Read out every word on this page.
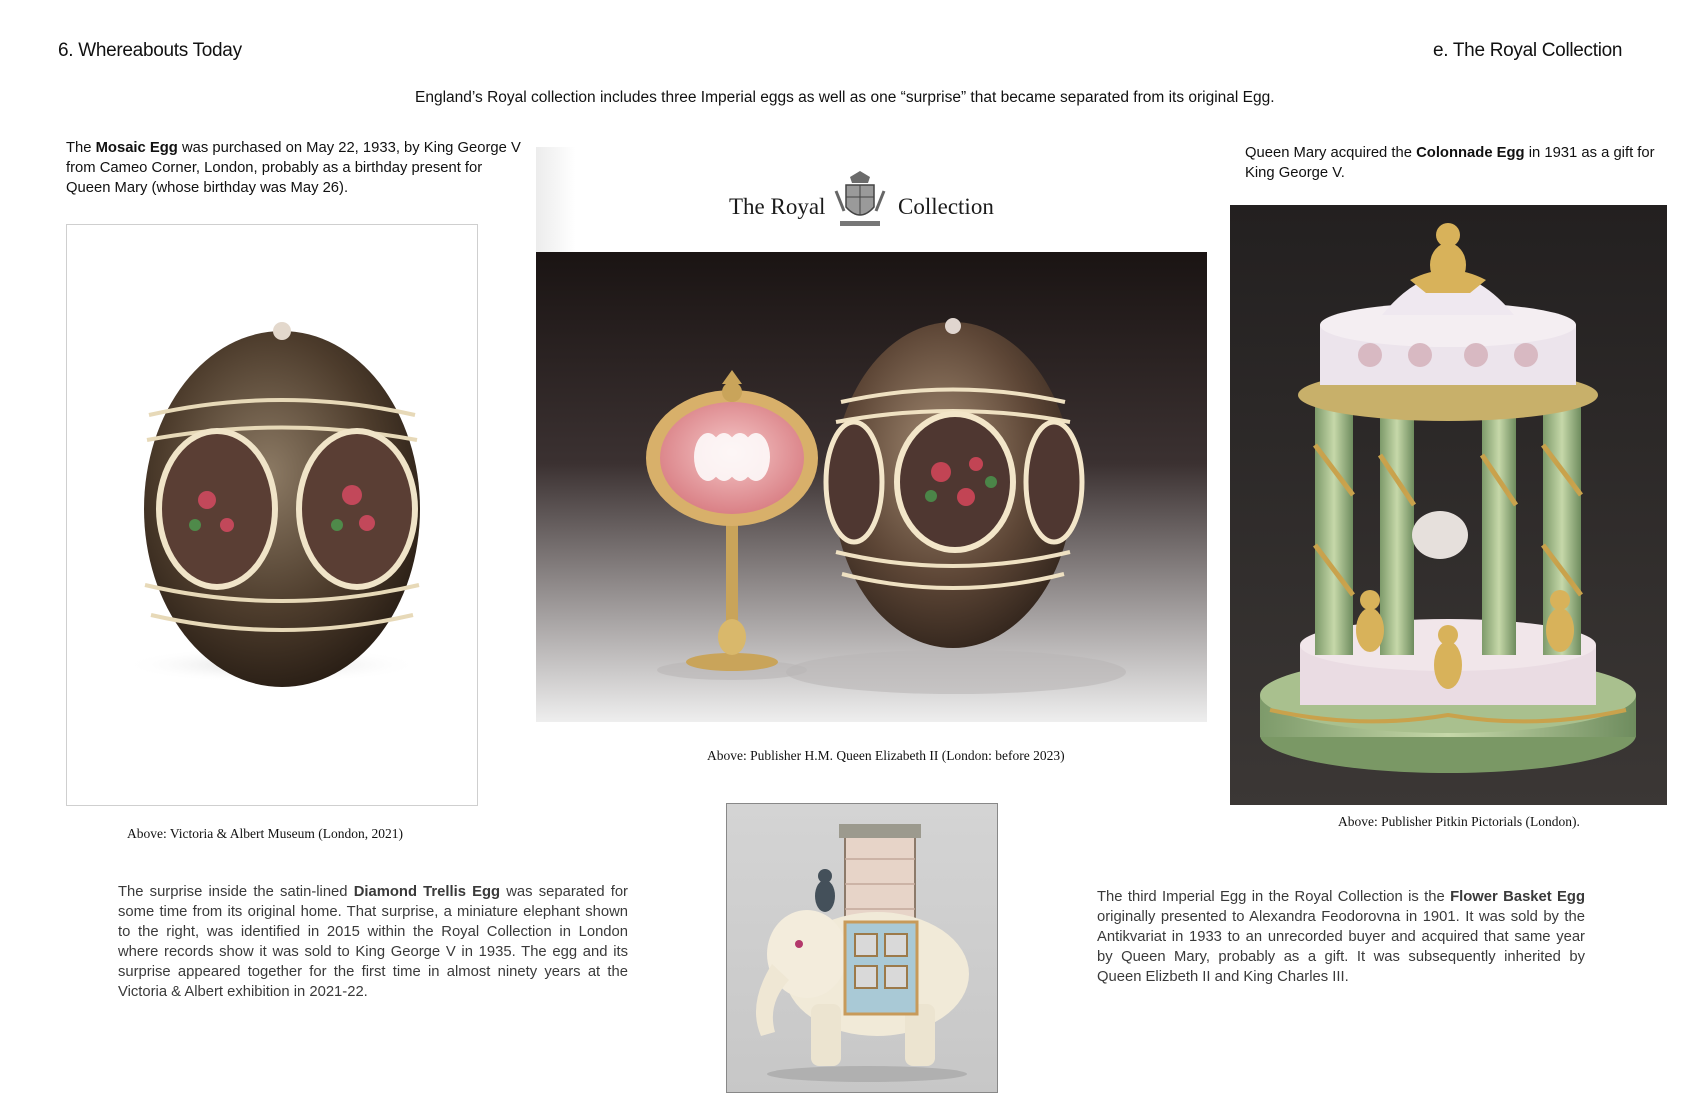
6. Whereabouts Today	e. The Royal Collection
England’s Royal collection includes three Imperial eggs as well as one “surprise” that became separated from its original Egg.
The Mosaic Egg was purchased on May 22, 1933, by King George V from Cameo Corner, London, probably as a birthday present for Queen Mary (whose birthday was May 26).
Above: Victoria & Albert Museum (London, 2021)
The Royal	Collection
Above: Publisher H.M. Queen Elizabeth II (London: before 2023)
Queen Mary acquired the Colonnade Egg in 1931 as a gift for King George V.
Above: Publisher Pitkin Pictorials (London).
The surprise inside the satin-lined Diamond Trellis Egg was separated for some time from its original home. That surprise, a miniature elephant shown to the right, was identified in 2015 within the Royal Collection in London where records show it was sold to King George V in 1935. The egg and its surprise appeared together for the first time in almost ninety years at the Victoria & Albert exhibition in 2021-22.
The third Imperial Egg in the Royal Collection is the Flower Basket Egg originally presented to Alexandra Feodorovna in 1901. It was sold by the Antikvariat in 1933 to an unrecorded buyer and acquired that same year by Queen Mary, probably as a gift. It was subsequently inherited by Queen Elizbeth II and King Charles III.
